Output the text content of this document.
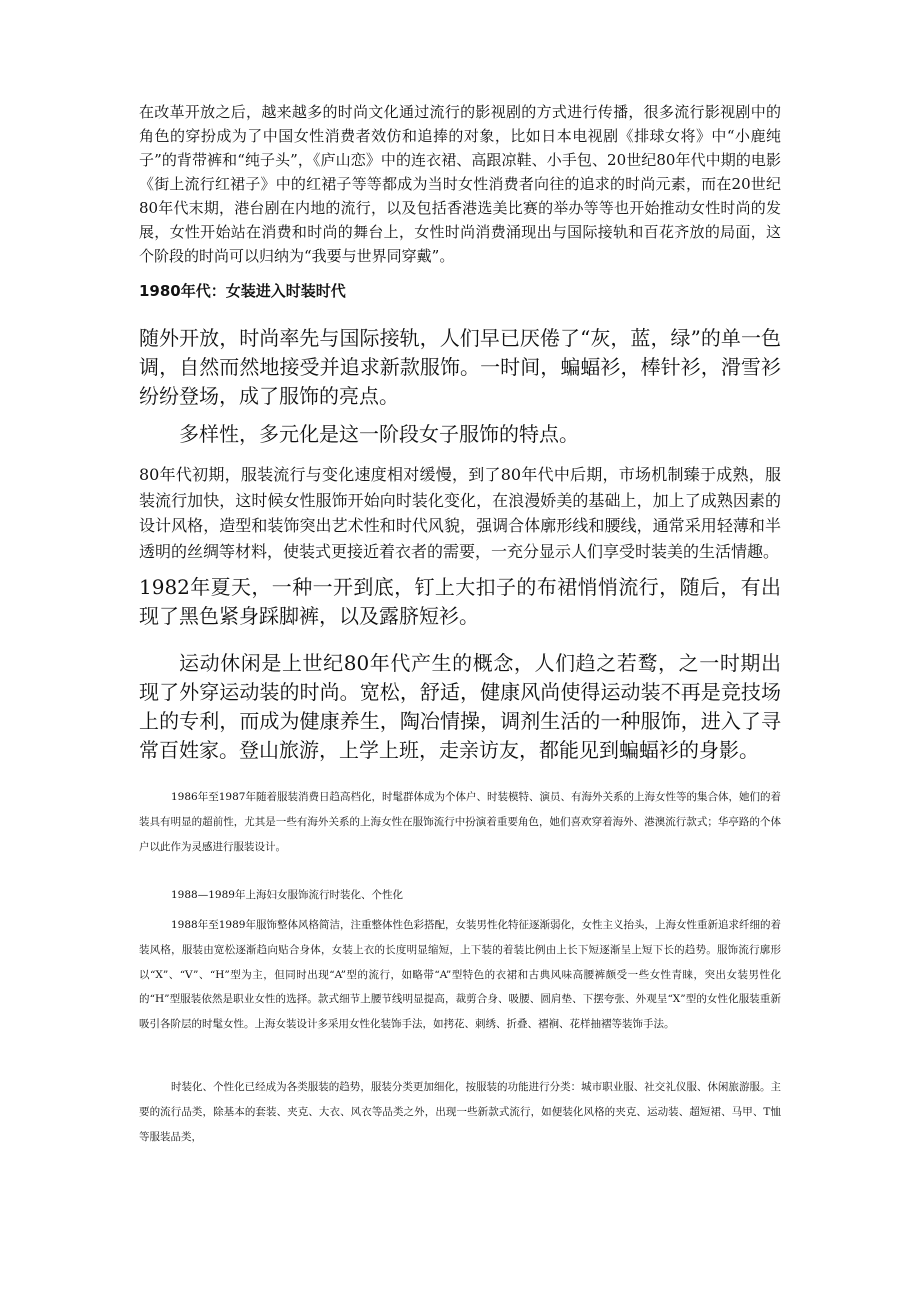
在改革开放之后，越来越多的时尚文化通过流行的影视剧的方式进行传播，很多流行影视剧中的角色的穿扮成为了中国女性消费者效仿和追捧的对象，比如日本电视剧《排球女将》中“小鹿纯子”的背带裤和“纯子头”，《庐山恋》中的连衣裙、高跟凉鞋、小手包、20世纪80年代中期的电影《街上流行红裙子》中的红裙子等等都成为当时女性消费者向往的追求的时尚元素，而在20世纪80年代末期，港台剧在内地的流行，以及包括香港选美比赛的举办等等也开始推动女性时尚的发展，女性开始站在消费和时尚的舞台上，女性时尚消费涌现出与国际接轨和百花齐放的局面，这个阶段的时尚可以归纳为“我要与世界同穿戴”。

1980年代：女装进入时装时代

随外开放，时尚率先与国际接轨，人们早已厌倦了“灰，蓝，绿”的单一色调，自然而然地接受并追求新款服饰。一时间，蝙蝠衫，棒针衫，滑雪衫纷纷登场，成了服饰的亮点。

多样性，多元化是这一阶段女子服饰的特点。

80年代初期，服装流行与变化速度相对缓慢，到了80年代中后期，市场机制臻于成熟，服装流行加快，这时候女性服饰开始向时装化变化，在浪漫娇美的基础上，加上了成熟因素的设计风格，造型和装饰突出艺术性和时代风貌，强调合体廓形线和腰线，通常采用轻薄和半透明的丝绸等材料，使装式更接近着衣者的需要，一充分显示人们享受时装美的生活情趣。

1982年夏天，一种一开到底，钉上大扣子的布裙悄悄流行，随后，有出现了黑色紧身踩脚裤，以及露脐短衫。

运动休闲是上世纪80年代产生的概念，人们趋之若鹜，之一时期出现了外穿运动装的时尚。宽松，舒适，健康风尚使得运动装不再是竞技场上的专利，而成为健康养生，陶冶情操，调剂生活的一种服饰，进入了寻常百姓家。登山旅游，上学上班，走亲访友，都能见到蝙蝠衫的身影。

1986年至1987年随着服装消费日趋高档化，时髦群体成为个体户、时装模特、演员、有海外关系的上海女性等的集合体，她们的着装具有明显的超前性，尤其是一些有海外关系的上海女性在服饰流行中扮演着重要角色，她们喜欢穿着海外、港澳流行款式；华亭路的个体户以此作为灵感进行服装设计。

1988—1989年上海妇女服饰流行时装化、个性化

1988年至1989年服饰整体风格简洁，注重整体性色彩搭配，女装男性化特征逐渐弱化，女性主义抬头，上海女性重新追求纤细的着装风格，服装由宽松逐渐趋向贴合身体，女装上衣的长度明显缩短，上下装的着装比例由上长下短逐渐呈上短下长的趋势。服饰流行廓形以“X”、“V”、“H”型为主，但同时出现“A”型的流行，如略带“A”型特色的衣裙和古典风味高腰裤颇受一些女性青睐，突出女装男性化的“H”型服装依然是职业女性的选择。款式细节上腰节线明显提高，裁剪合身、吸腰、圆肩垫、下摆夸张、外观呈“X”型的女性化服装重新吸引各阶层的时髦女性。上海女装设计多采用女性化装饰手法，如拷花、刺绣、折叠、褶裥、花样抽褶等装饰手法。

时装化、个性化已经成为各类服装的趋势，服装分类更加细化，按服装的功能进行分类：城市职业服、社交礼仪服、休闲旅游服。主要的流行品类，除基本的套装、夹克、大衣、风衣等品类之外，出现一些新款式流行，如便装化风格的夹克、运动装、超短裙、马甲、T恤等服装品类，
